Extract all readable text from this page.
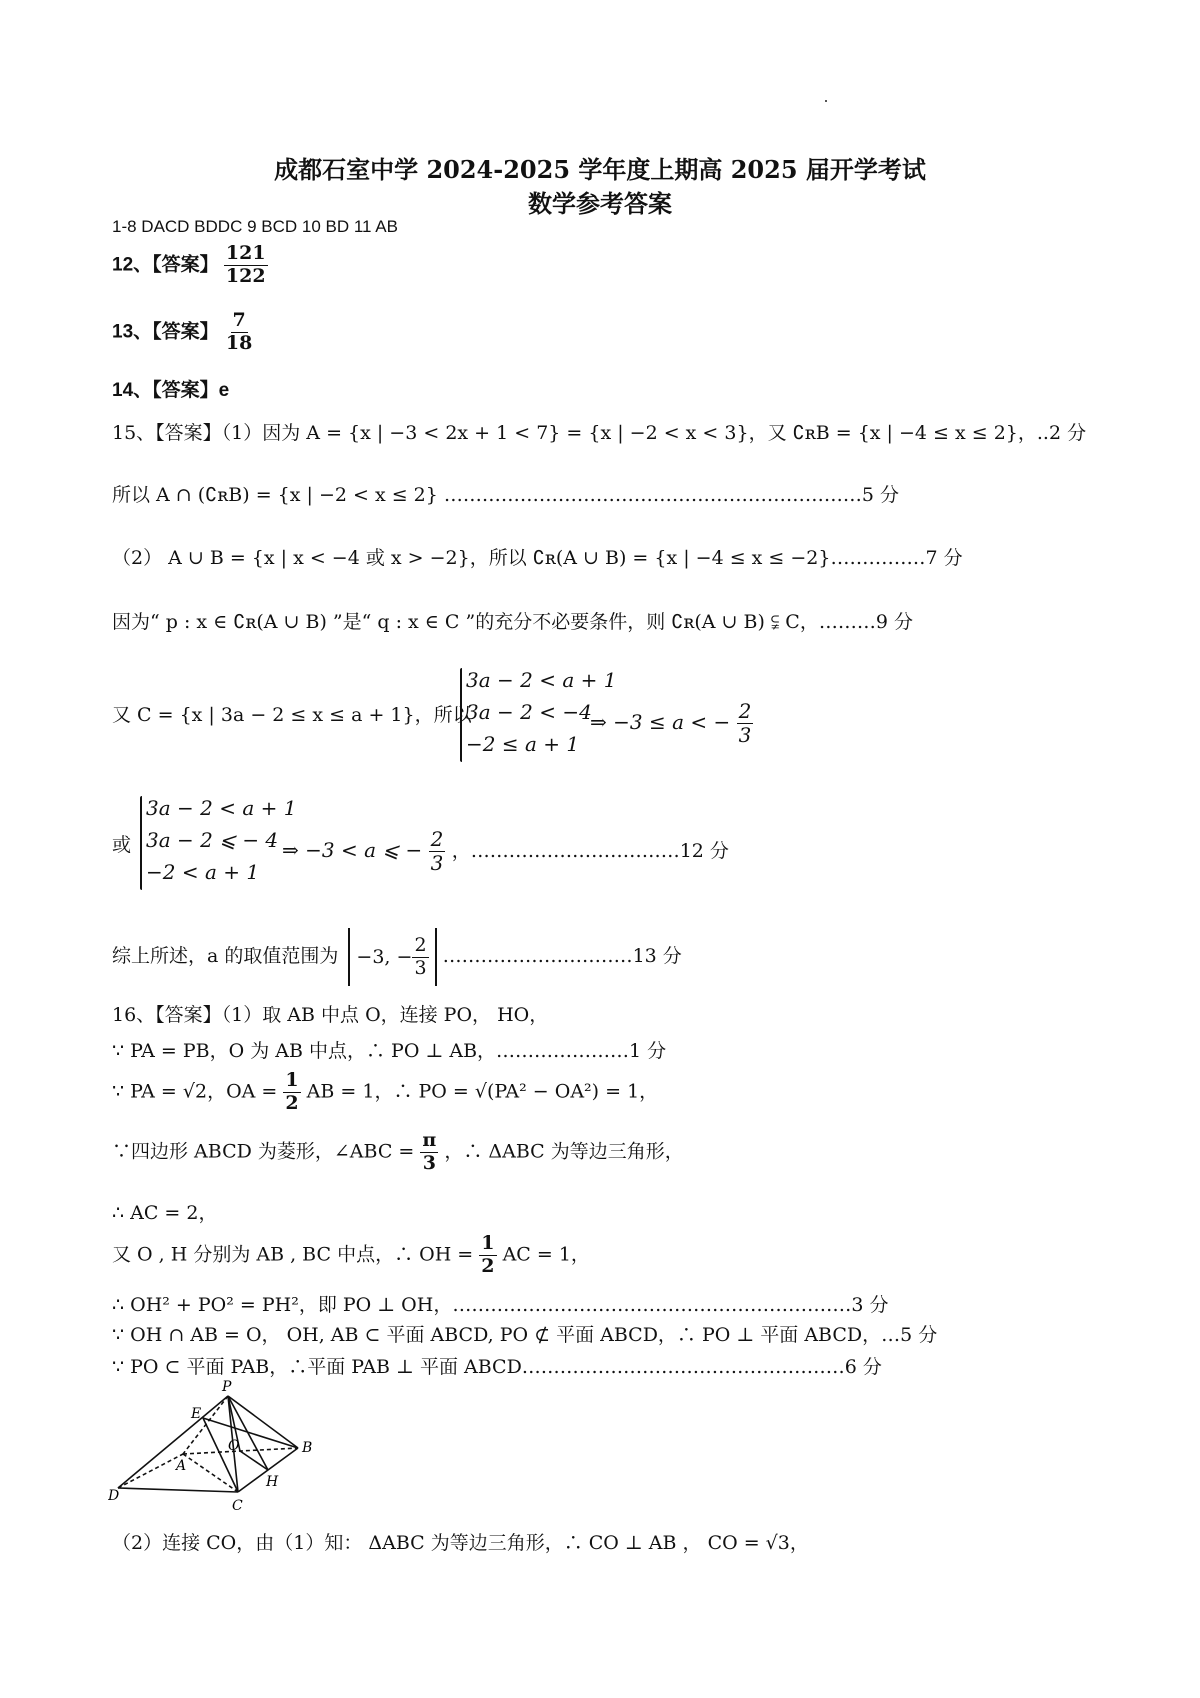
成都石室中学 2024-2025 学年度上期高 2025 届开学考试
数学参考答案
1-8 DACD BDDC 9 BCD 10 BD 11 AB
12、【答案】 $\frac{121}{122}$
13、【答案】 $\frac{7}{18}$
14、【答案】e
15、【答案】（1）因为 A = {x | −3 < 2x + 1 < 7} = {x | −2 < x < 3}，又 ∁ʀB = {x | −4 ≤ x ≤ 2}，..2 分
所以 A ∩ (∁ʀB) = {x | −2 < x ≤ 2} …………………………………………………………5 分
（2） A ∪ B = {x | x < −4 或 x > −2}，所以 ∁ʀ(A ∪ B) = {x | −4 ≤ x ≤ −2}……………7 分
因为“ p : x ∈ ∁ʀ(A ∪ B) ”是“ q : x ∈ C ”的充分不必要条件，则 ∁ʀ(A ∪ B) ⫋ C，………9 分
又 C = {x | 3a − 2 ≤ x ≤ a + 1}，所以
3a − 2 < a + 1
3a − 2 < −4
−2 ≤ a + 1
⇒ −3 ≤ a < − $\frac{2}{3}$
或
3a − 2 < a + 1
3a − 2 ⩽ − 4
−2 < a + 1
⇒ −3 < a ⩽ − $\frac{2}{3}$ ，……………………………12 分
综上所述，a 的取值范围为 −3, − $\frac{2}{3}$ …………………………13 分
16、【答案】（1）取 AB 中点 O，连接 PO， HO，
∵ PA = PB，O 为 AB 中点，∴ PO ⊥ AB，…………………1 分
∵ PA = √2，OA = $\frac{1}{2}$ AB = 1，∴ PO = √(PA² − OA²) = 1，
∵四边形 ABCD 为菱形，∠ABC = $\frac{\pi}{3}$ ，∴ ΔABC 为等边三角形，
∴ AC = 2，
又 O , H 分别为 AB , BC 中点，∴ OH = $\frac{1}{2}$ AC = 1，
∴ OH² + PO² = PH²，即 PO ⊥ OH，………………………………………………………3 分
∵ OH ∩ AB = O， OH, AB ⊂ 平面 ABCD, PO ⊄ 平面 ABCD，∴ PO ⊥ 平面 ABCD，…5 分
∵ PO ⊂ 平面 PAB，∴平面 PAB ⊥ 平面 ABCD……………………………………………6 分
P
E
O
A
B
H
D
C
（2）连接 CO，由（1）知： ΔABC 为等边三角形，∴ CO ⊥ AB ， CO = √3，
